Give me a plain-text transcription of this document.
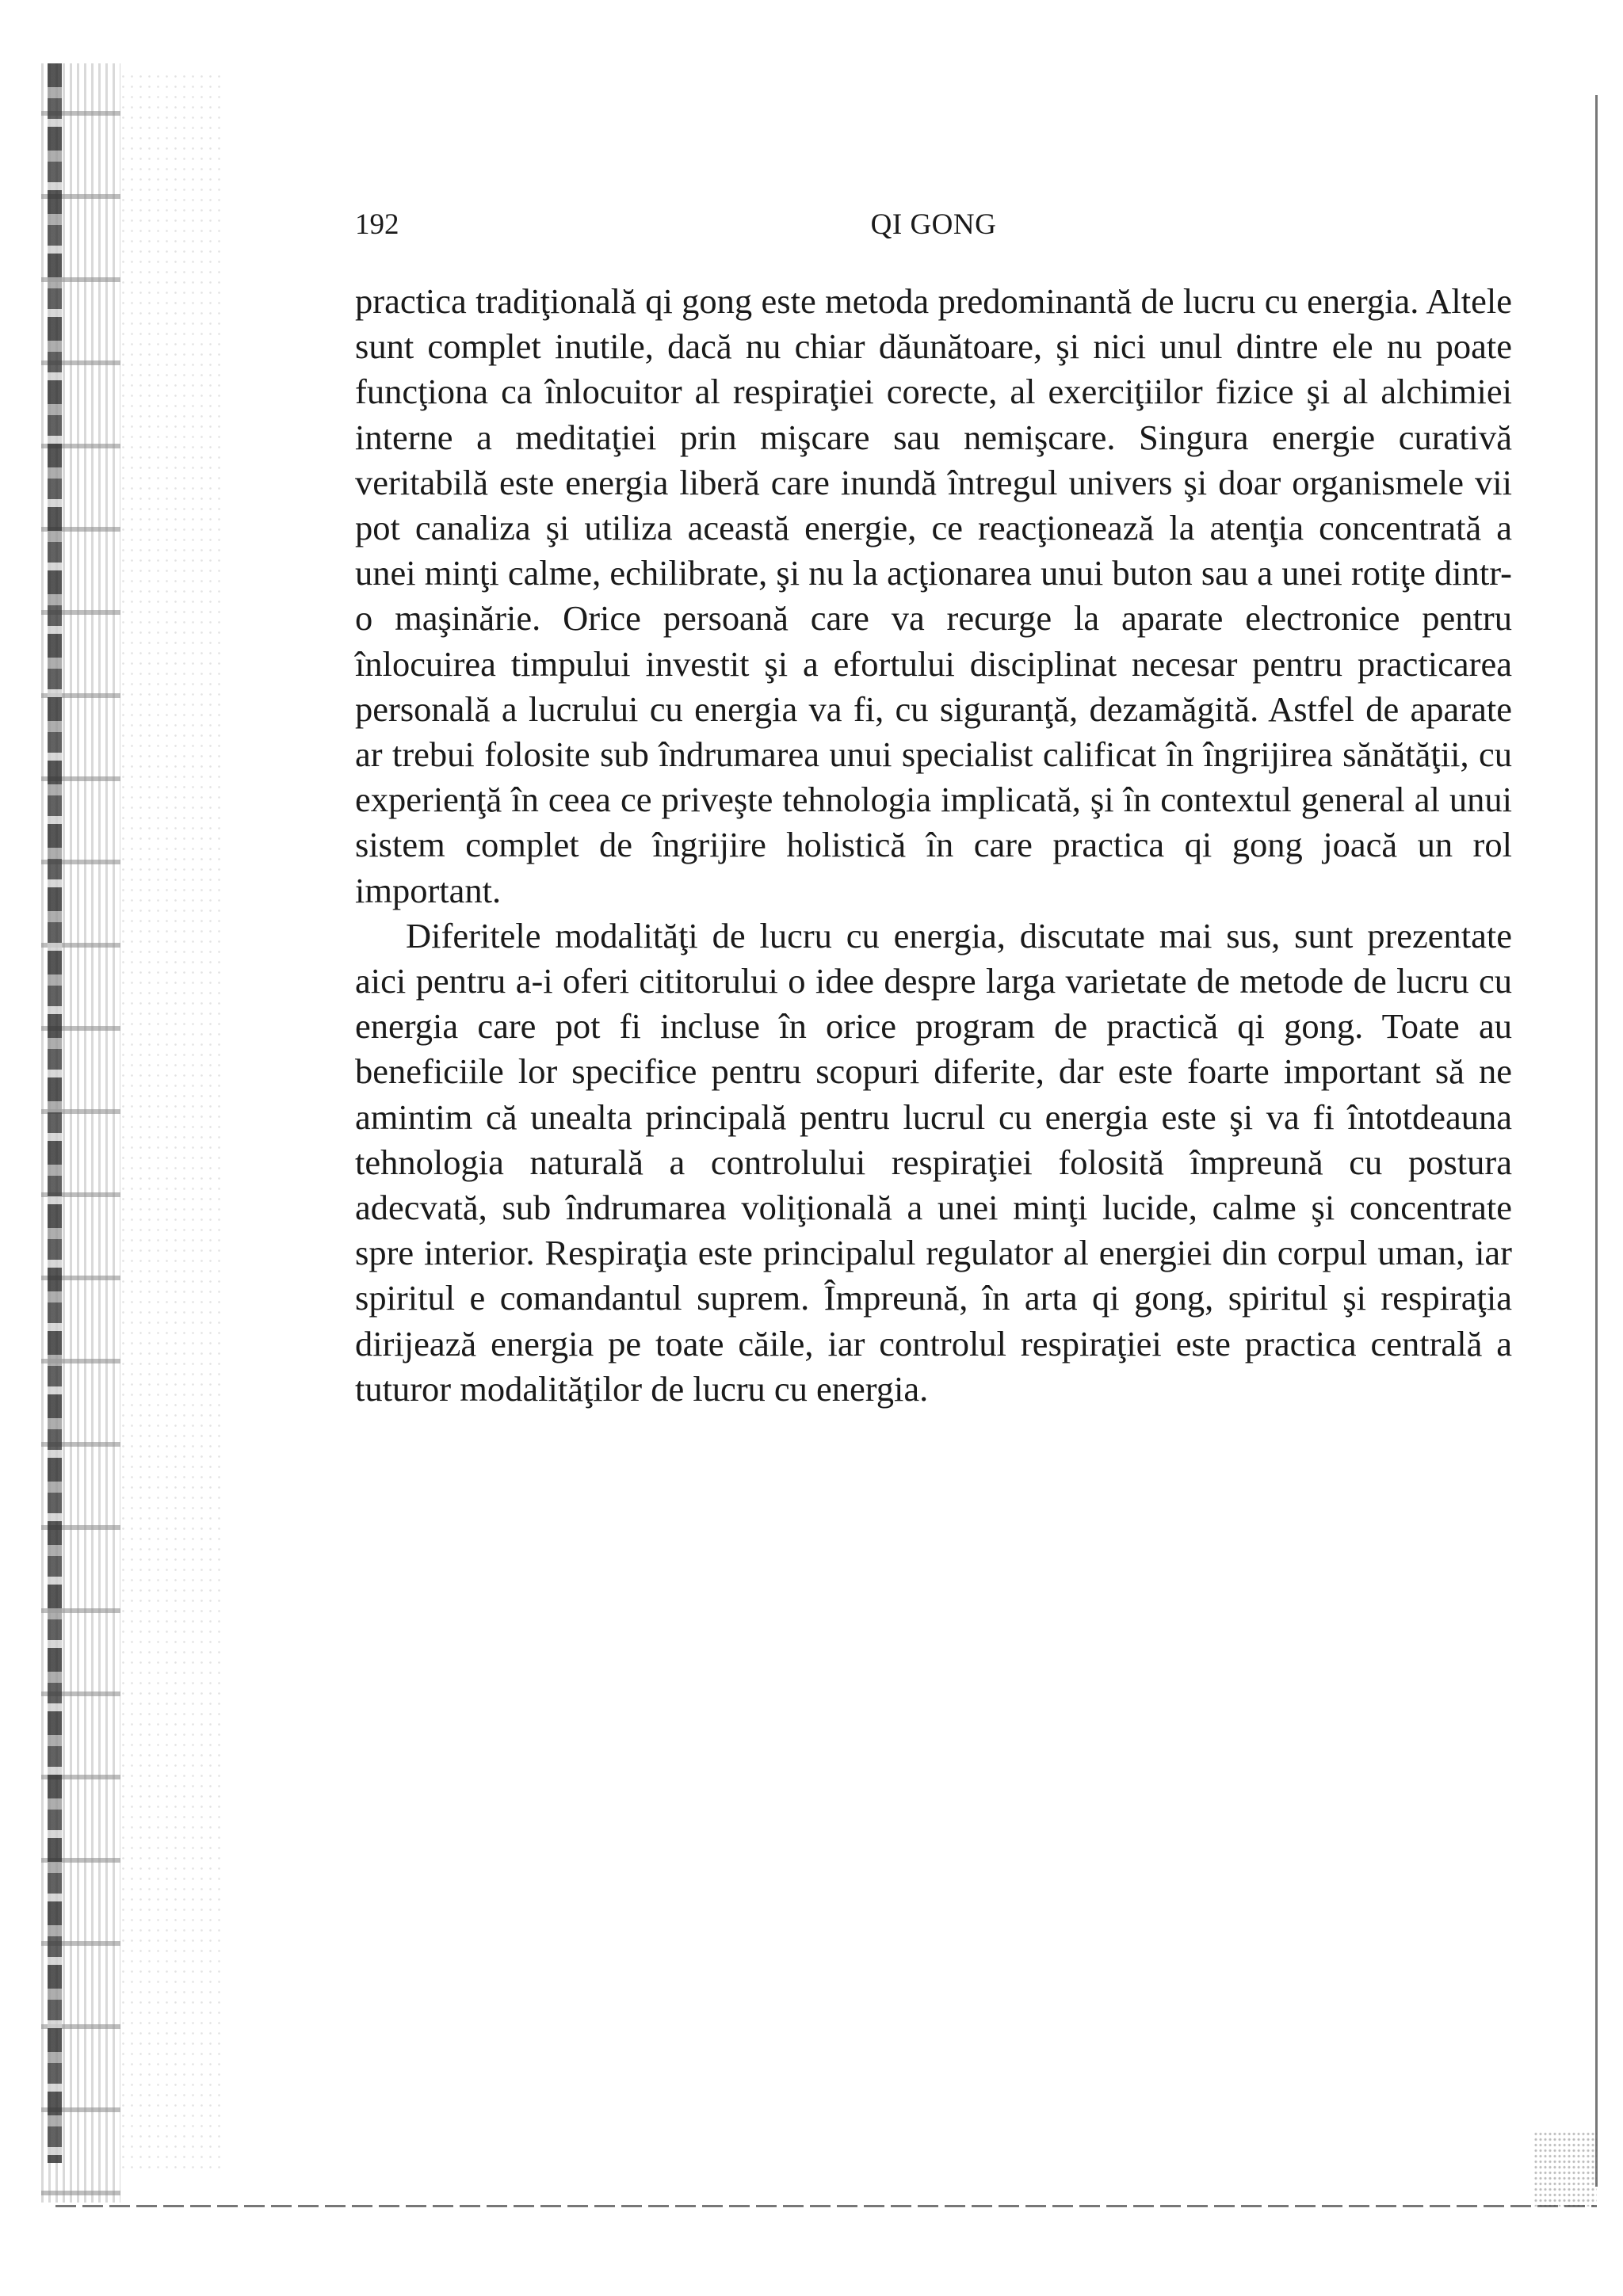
192	QI GONG

practica tradiţională qi gong este metoda predominantă de lucru cu energia. Altele sunt complet inutile, dacă nu chiar dăunătoare, şi nici unul dintre ele nu poate funcţiona ca înlocuitor al respiraţiei corecte, al exerciţiilor fizice şi al alchimiei interne a meditaţiei prin mişcare sau nemişcare. Singura energie curativă veritabilă este energia liberă care inundă întregul univers şi doar organismele vii pot canaliza şi utiliza această energie, ce reacţionează la atenţia concentrată a unei minţi calme, echilibrate, şi nu la acţionarea unui buton sau a unei rotiţe dintr-o maşinărie. Orice persoană care va recurge la aparate electronice pentru înlocuirea timpului investit şi a efortului disciplinat necesar pentru practicarea personală a lucrului cu energia va fi, cu siguranţă, dezamăgită. Astfel de aparate ar trebui folosite sub îndrumarea unui specialist calificat în îngrijirea sănătăţii, cu experienţă în ceea ce priveşte tehnologia implicată, şi în contextul general al unui sistem complet de îngrijire holistică în care practica qi gong joacă un rol important.

Diferitele modalităţi de lucru cu energia, discutate mai sus, sunt prezentate aici pentru a-i oferi cititorului o idee despre larga varietate de metode de lucru cu energia care pot fi incluse în orice program de practică qi gong. Toate au beneficiile lor specifice pentru scopuri diferite, dar este foarte important să ne amintim că unealta principală pentru lucrul cu energia este şi va fi întotdeauna tehnologia naturală a controlului respiraţiei folosită împreună cu postura adecvată, sub îndrumarea voliţională a unei minţi lucide, calme şi concentrate spre interior. Respiraţia este principalul regulator al energiei din corpul uman, iar spiritul e comandantul suprem. Împreună, în arta qi gong, spiritul şi respiraţia dirijează energia pe toate căile, iar controlul respiraţiei este practica centrală a tuturor modalităţilor de lucru cu energia.
